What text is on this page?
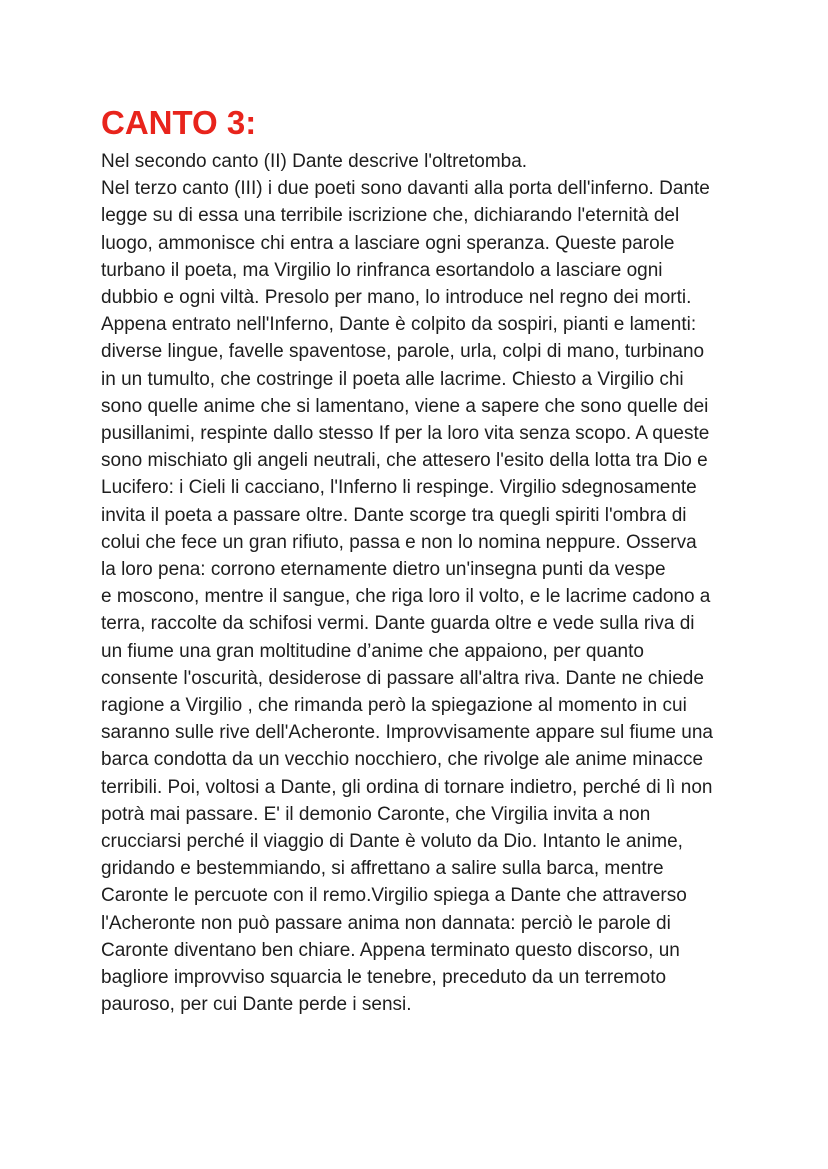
CANTO 3:
Nel secondo canto (II) Dante descrive l'oltretomba.
Nel terzo canto (III) i due poeti sono davanti alla porta dell'inferno. Dante
legge su di essa una terribile iscrizione che, dichiarando l'eternità del
luogo, ammonisce chi entra a lasciare ogni speranza. Queste parole
turbano il poeta, ma Virgilio lo rinfranca esortandolo a lasciare ogni
dubbio e ogni viltà. Presolo per mano, lo introduce nel regno dei morti.
Appena entrato nell'Inferno, Dante è colpito da sospiri, pianti e lamenti:
diverse lingue, favelle spaventose, parole, urla, colpi di mano, turbinano
in un tumulto, che costringe il poeta alle lacrime. Chiesto a Virgilio chi
sono quelle anime che si lamentano, viene a sapere che sono quelle dei
pusillanimi, respinte dallo stesso If per la loro vita senza scopo. A queste
sono mischiato gli angeli neutrali, che attesero l'esito della lotta tra Dio e
Lucifero: i Cieli li cacciano, l'Inferno li respinge. Virgilio sdegnosamente
invita il poeta a passare oltre. Dante scorge tra quegli spiriti l'ombra di
colui che fece un gran rifiuto, passa e non lo nomina neppure. Osserva
la loro pena: corrono eternamente dietro un'insegna punti da vespe
e moscono, mentre il sangue, che riga loro il volto, e le lacrime cadono a
terra, raccolte da schifosi vermi. Dante guarda oltre e vede sulla riva di
un fiume una gran moltitudine d’anime che appaiono, per quanto
consente l'oscurità, desiderose di passare all'altra riva. Dante ne chiede
ragione a Virgilio , che rimanda però la spiegazione al momento in cui
saranno sulle rive dell'Acheronte. Improvvisamente appare sul fiume una
barca condotta da un vecchio nocchiero, che rivolge ale anime minacce
terribili. Poi, voltosi a Dante, gli ordina di tornare indietro, perché di lì non
potrà mai passare. E' il demonio Caronte, che Virgilia invita a non
crucciarsi perché il viaggio di Dante è voluto da Dio. Intanto le anime,
gridando e bestemmiando, si affrettano a salire sulla barca, mentre
Caronte le percuote con il remo.Virgilio spiega a Dante che attraverso
l'Acheronte non può passare anima non dannata: perciò le parole di
Caronte diventano ben chiare. Appena terminato questo discorso, un
bagliore improvviso squarcia le tenebre, preceduto da un terremoto
pauroso, per cui Dante perde i sensi.
